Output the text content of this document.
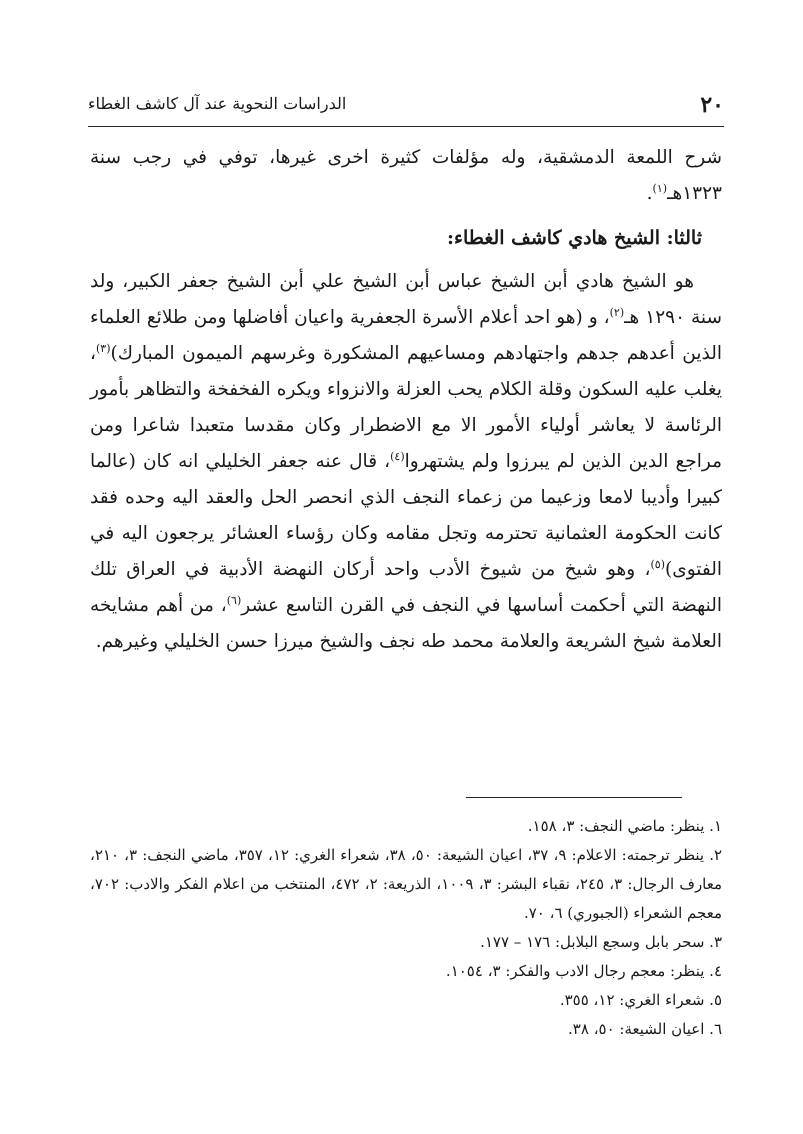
٢٠
الدراسات النحوية عند آل كاشف الغطاء

شرح اللمعة الدمشقية، وله مؤلفات كثيرة اخرى غيرها، توفي في رجب سنة ١٣٢٣هـ$^{(١)}$.

ثالثا: الشيخ هادي كاشف الغطاء:

هو الشيخ هادي أبن الشيخ عباس أبن الشيخ علي أبن الشيخ جعفر الكبير، ولد سنة ١٢٩٠ هـ$^{(٢)}$، و (هو احد أعلام الأسرة الجعفرية واعيان أفاضلها ومن طلائع العلماء الذين أعدهم جدهم واجتهادهم ومساعيهم المشكورة وغرسهم الميمون المبارك)$^{(٣)}$، يغلب عليه السكون وقلة الكلام يحب العزلة والانزواء ويكره الفخفخة والتظاهر بأمور الرئاسة لا يعاشر أولياء الأمور الا مع الاضطرار وكان مقدسا متعبدا شاعرا ومن مراجع الدين الذين لم يبرزوا ولم يشتهروا$^{(٤)}$، قال عنه جعفر الخليلي انه كان (عالما كبيرا وأديبا لامعا وزعيما من زعماء النجف الذي انحصر الحل والعقد اليه وحده فقد كانت الحكومة العثمانية تحترمه وتجل مقامه وكان رؤساء العشائر يرجعون اليه في الفتوى)$^{(٥)}$، وهو شيخ من شيوخ الأدب واحد أركان النهضة الأدبية في العراق تلك النهضة التي أحكمت أساسها في النجف في القرن التاسع عشر$^{(٦)}$، من أهم مشايخه العلامة شيخ الشريعة والعلامة محمد طه نجف والشيخ ميرزا حسن الخليلي وغيرهم.

١. ينظر: ماضي النجف: ٣، ١٥٨.
٢. ينظر ترجمته: الاعلام: ٩، ٣٧، اعيان الشيعة: ٥٠، ٣٨، شعراء الغري: ١٢، ٣٥٧، ماضي النجف: ٣، ٢١٠، معارف الرجال: ٣، ٢٤٥، نقباء البشر: ٣، ١٠٠٩، الذريعة: ٢، ٤٧٢، المنتخب من اعلام الفكر والادب: ٧٠٢، معجم الشعراء (الجبوري) ٦، ٧٠.
٣. سحر بابل وسجع البلابل: ١٧٦ – ١٧٧.
٤. ينظر: معجم رجال الادب والفكر: ٣، ١٠٥٤.
٥. شعراء الغري: ١٢، ٣٥٥.
٦. اعيان الشيعة: ٥٠، ٣٨.
